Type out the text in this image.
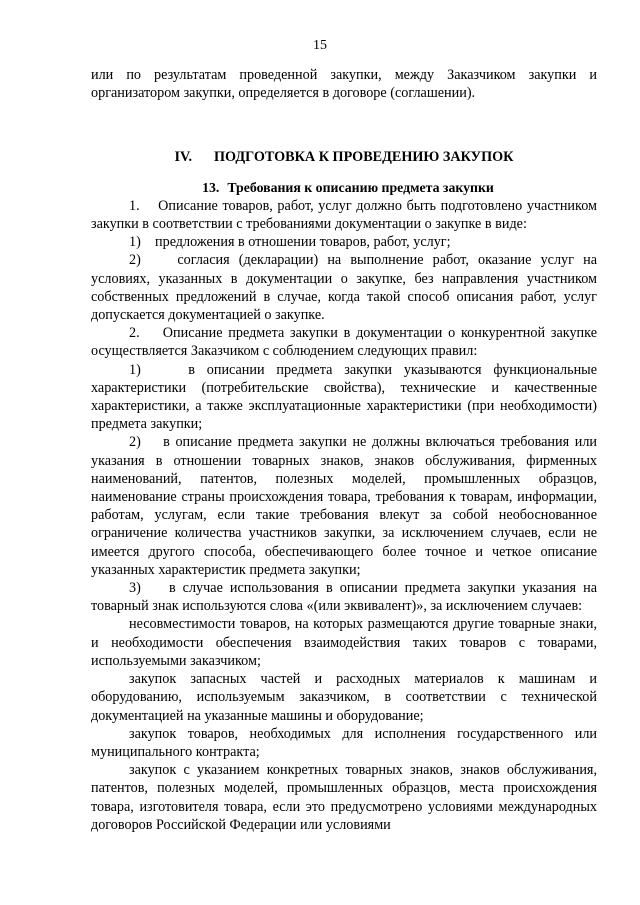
15

или по результатам проведенной закупки, между Заказчиком закупки и организатором закупки, определяется в договоре (соглашении).

IV. ПОДГОТОВКА К ПРОВЕДЕНИЮ ЗАКУПОК
13. Требования к описанию предмета закупки

1.    Описание товаров, работ, услуг должно быть подготовлено участником закупки в соответствии с требованиями документации о закупке в виде:

1)    предложения в отношении товаров, работ, услуг;

2)    согласия (декларации) на выполнение работ, оказание услуг на условиях, указанных в документации о закупке, без направления участником собственных предложений в случае, когда такой способ описания работ, услуг допускается документацией о закупке.

2.    Описание предмета закупки в документации о конкурентной закупке осуществляется Заказчиком с соблюдением следующих правил:

1)    в описании предмета закупки указываются функциональные характеристики (потребительские свойства), технические и качественные характеристики, а также эксплуатационные характеристики (при необходимости) предмета закупки;

2)    в описание предмета закупки не должны включаться требования или указания в отношении товарных знаков, знаков обслуживания, фирменных наименований, патентов, полезных моделей, промышленных образцов, наименование страны происхождения товара, требования к товарам, информации, работам, услугам, если такие требования влекут за собой необоснованное ограничение количества участников закупки, за исключением случаев, если не имеется другого способа, обеспечивающего более точное и четкое описание указанных характеристик предмета закупки;

3)    в случае использования в описании предмета закупки указания на товарный знак используются слова «(или эквивалент)», за исключением случаев:

несовместимости товаров, на которых размещаются другие товарные знаки, и необходимости обеспечения взаимодействия таких товаров с товарами, используемыми заказчиком;

закупок запасных частей и расходных материалов к машинам и оборудованию, используемым заказчиком, в соответствии с технической документацией на указанные машины и оборудование;

закупок товаров, необходимых для исполнения государственного или муниципального контракта;

закупок с указанием конкретных товарных знаков, знаков обслуживания, патентов, полезных моделей, промышленных образцов, места происхождения товара, изготовителя товара, если это предусмотрено условиями международных договоров Российской Федерации или условиями
